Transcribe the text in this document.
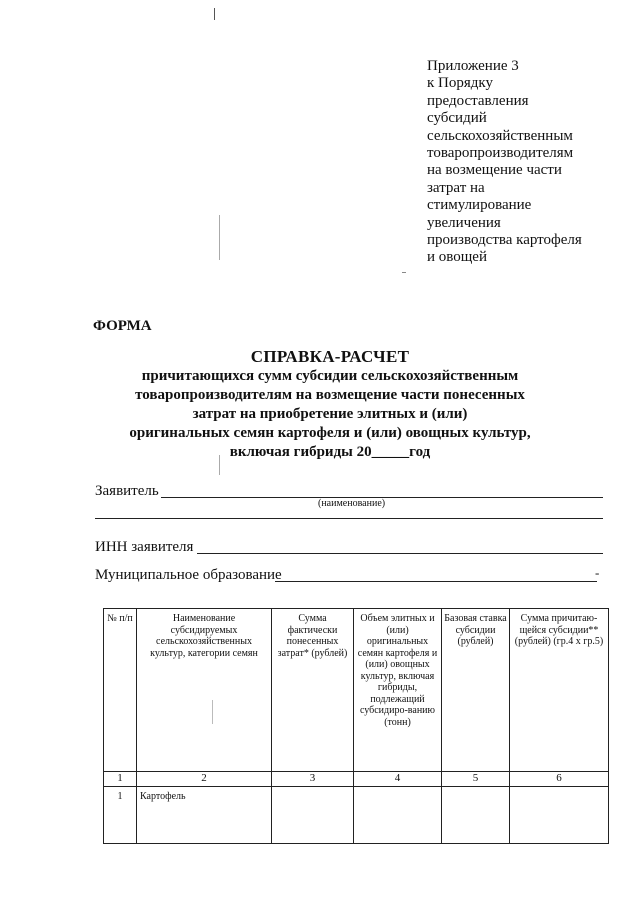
Приложение 3
к Порядку
предоставления
субсидий
сельскохозяйственным
товаропроизводителям
на возмещение части
затрат на
стимулирование
увеличения
производства картофеля
и овощей
ФОРМА
СПРАВКА-РАСЧЕТ
причитающихся сумм субсидии сельскохозяйственным
товаропроизводителям на возмещение части понесенных
затрат на приобретение элитных и (или)
оригинальных семян картофеля и (или) овощных культур,
включая гибриды 20_____год
Заявитель
(наименование)
ИНН заявителя
Муниципальное образование	-
№ п/п	Наименование субсидируемых сельскохозяйственных культур, категории семян	Сумма фактически понесенных затрат* (рублей)	Объем элитных и (или) оригинальных семян картофеля и (или) овощных культур, включая гибриды, подлежащий субсидиро-ванию (тонн)	Базовая ставка субсидии (рублей)	Сумма причитаю-щейся субсидии** (рублей) (гр.4 х гр.5)
1	2	3	4	5	6
1	Картофель				
